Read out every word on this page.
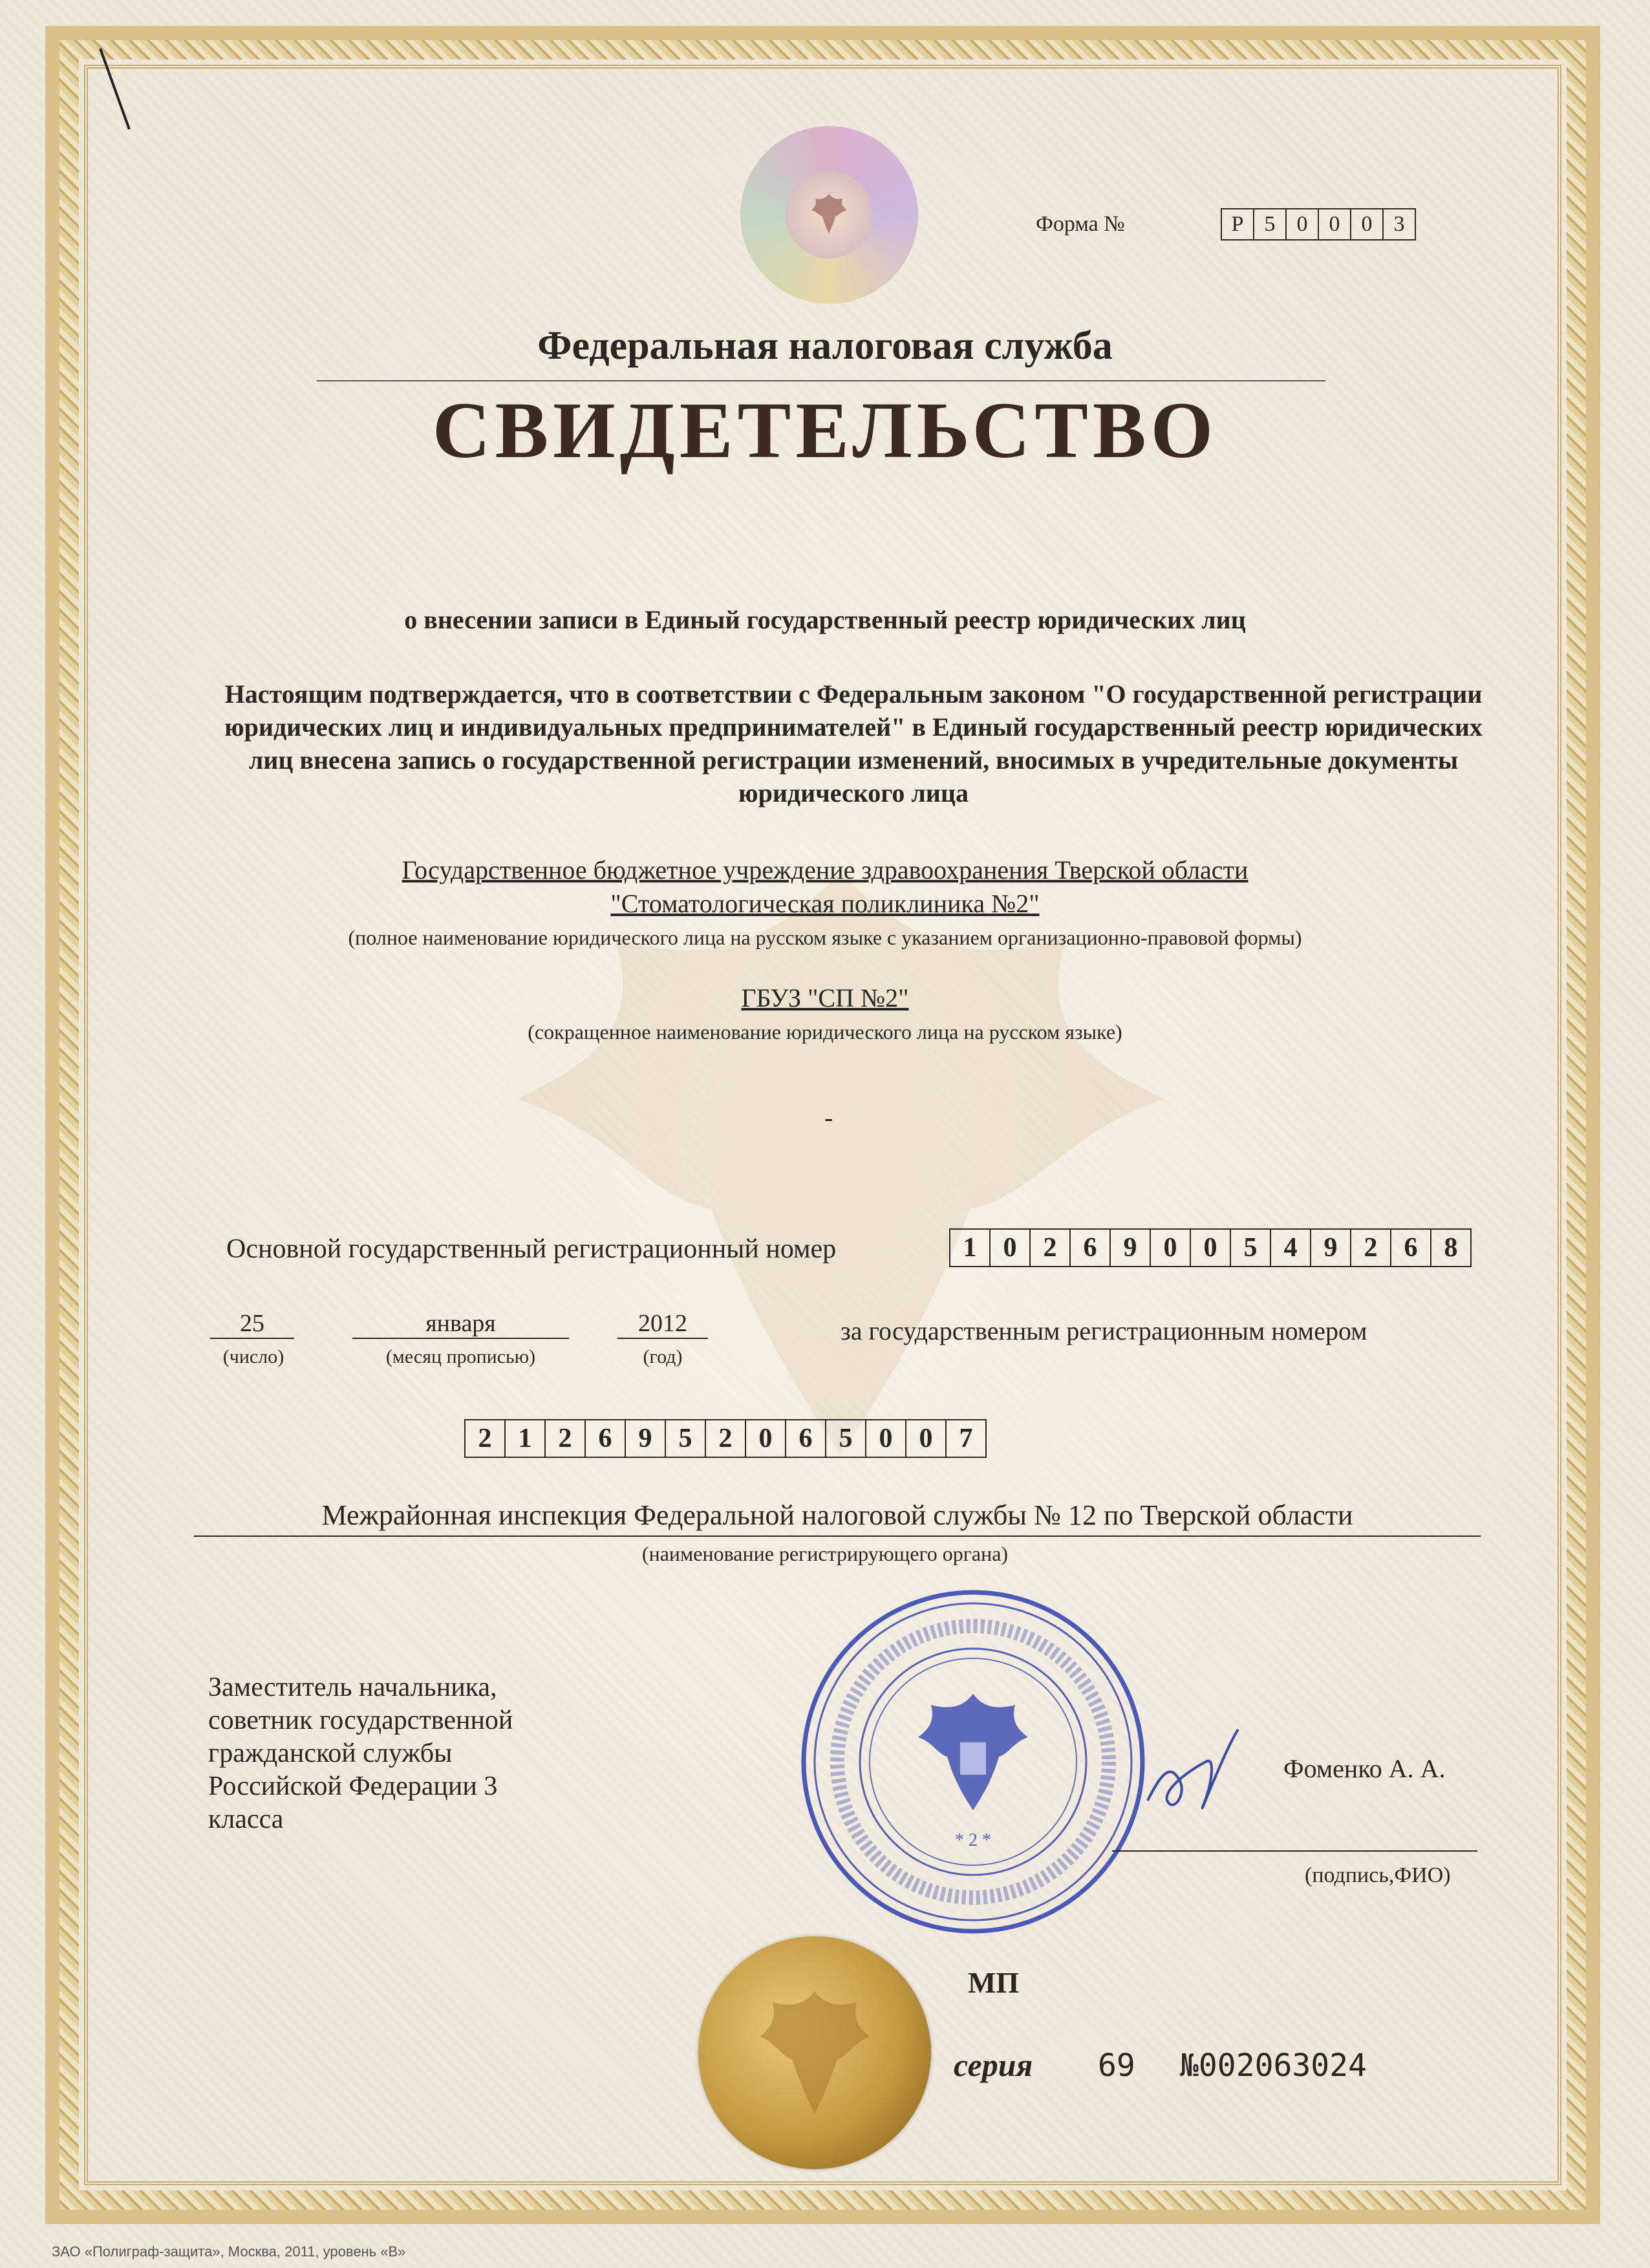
Форма №	Р 5 0 0 0 3
Федеральная налоговая служба
СВИДЕТЕЛЬСТВО
о внесении записи в Единый государственный реестр юридических лиц
Настоящим подтверждается, что в соответствии с Федеральным законом "О государственной регистрации юридических лиц и индивидуальных предпринимателей" в Единый государственный реестр юридических лиц внесена запись о государственной регистрации изменений, вносимых в учредительные документы юридического лица
Государственное бюджетное учреждение здравоохранения Тверской области
"Стоматологическая поликлиника №2"
(полное наименование юридического лица на русском языке с указанием организационно-правовой формы)
ГБУЗ "СП №2"
(сокращенное наименование юридического лица на русском языке)
-
Основной государственный регистрационный номер	1 0 2 6 9 0 0 5 4 9 2 6 8
25
(число)
января
(месяц прописью)
2012
(год)
за государственным регистрационным номером
2 1 2 6 9 5 2 0 6 5 0 0 7
Межрайонная инспекция Федеральной налоговой службы № 12 по Тверской области
(наименование регистрирующего органа)
Заместитель начальника,
советник государственной
гражданской службы
Российской Федерации 3
класса
* 2 *
Фоменко А. А.
(подпись,ФИО)
МП
серия 69 №002063024
ЗАО «Полиграф-защита», Москва, 2011, уровень «В»
